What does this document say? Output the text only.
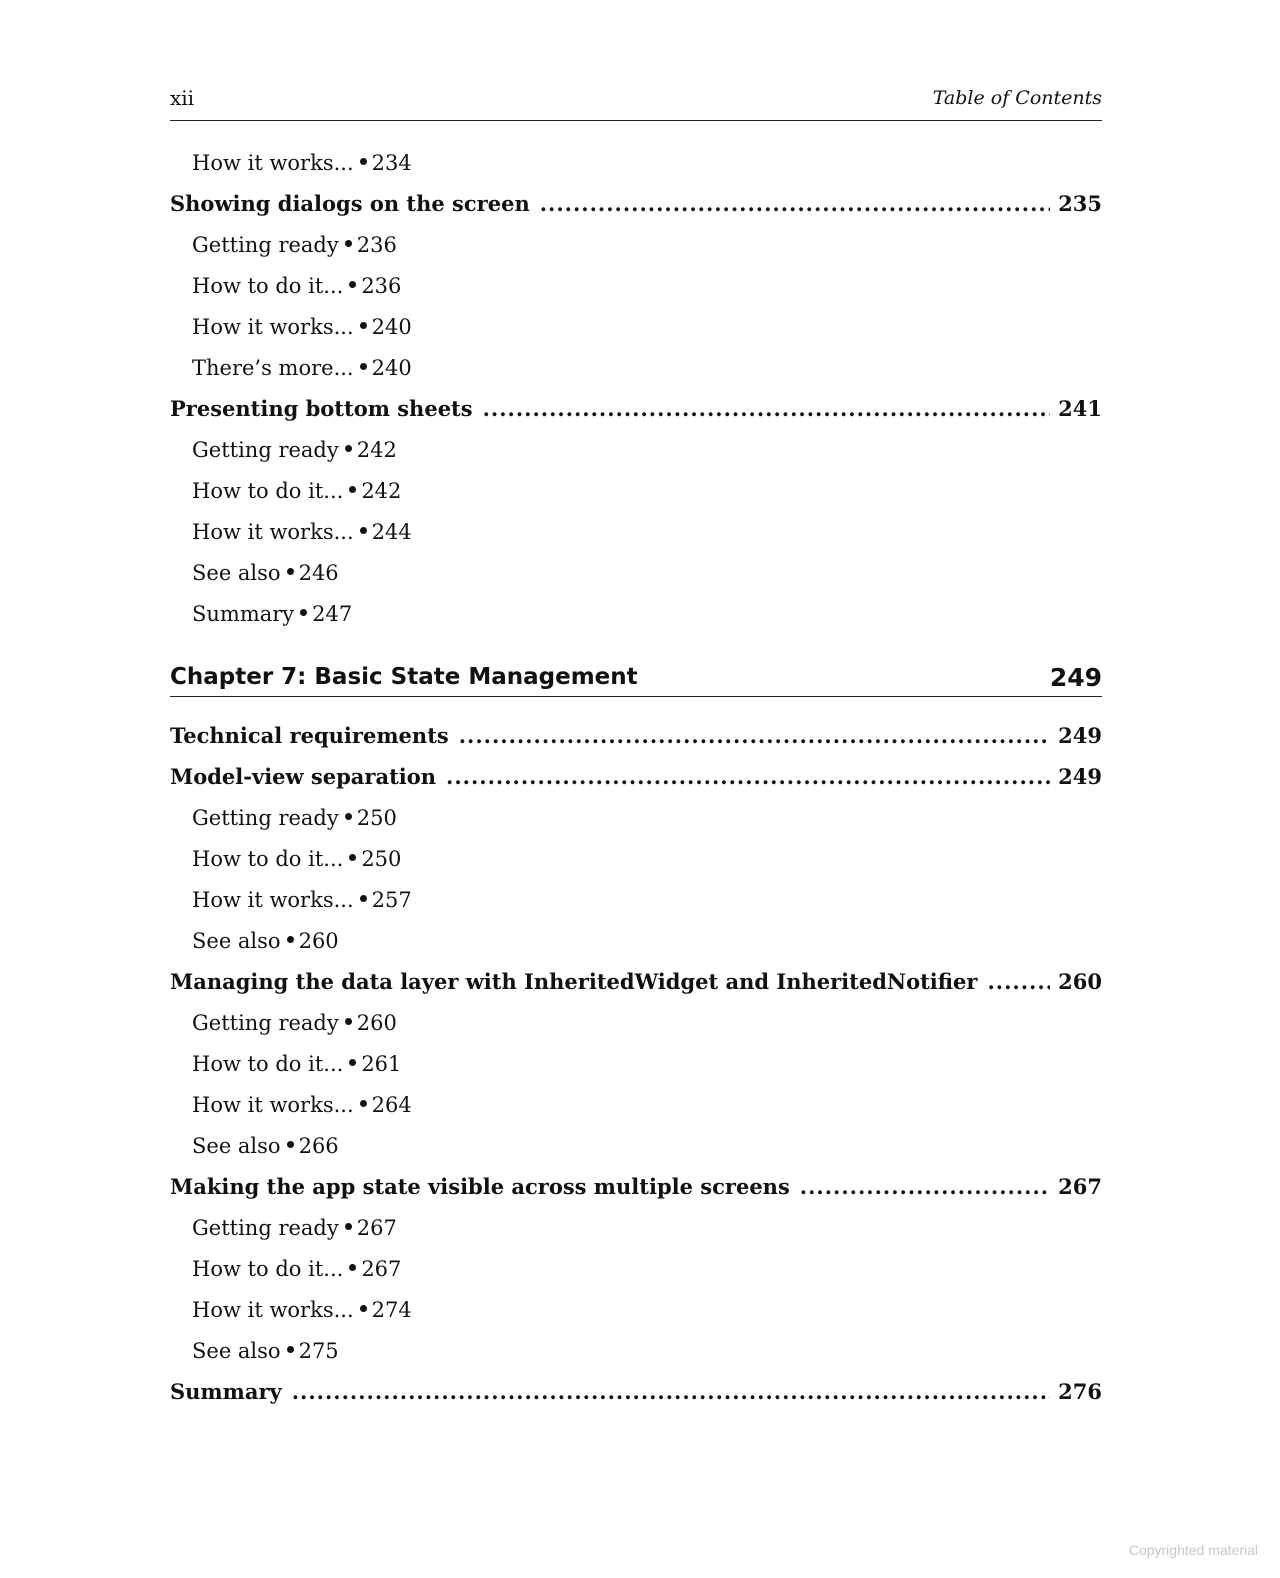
xii	Table of Contents
How it works... 234
Showing dialogs on the screen .....	235
Getting ready 236
How to do it... 236
How it works... 240
There’s more... 240
Presenting bottom sheets .....	241
Getting ready 242
How to do it... 242
How it works... 244
See also 246
Summary 247
Chapter 7: Basic State Management	249
Technical requirements .....	249
Model-view separation .....	249
Getting ready 250
How to do it... 250
How it works... 257
See also 260
Managing the data layer with InheritedWidget and InheritedNotifier .....	260
Getting ready 260
How to do it... 261
How it works... 264
See also 266
Making the app state visible across multiple screens .....	267
Getting ready 267
How to do it... 267
How it works... 274
See also 275
Summary .....	276
Copyrighted material
